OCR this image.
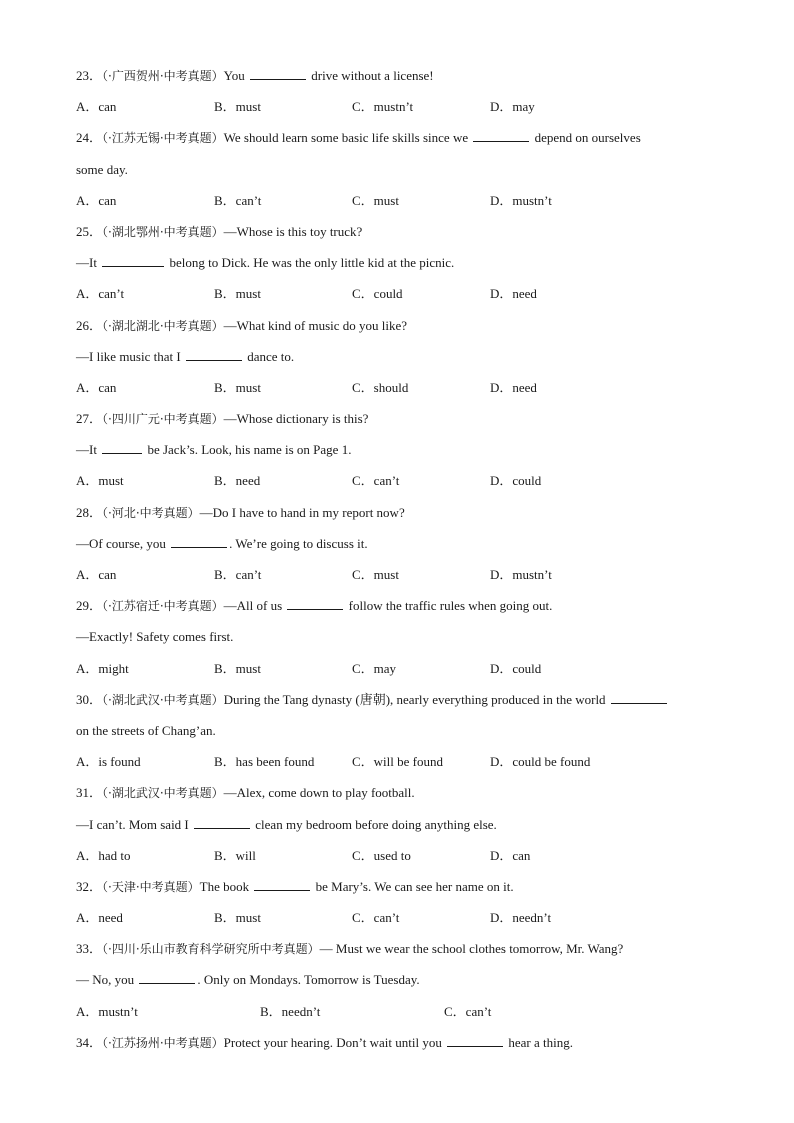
23．（·广西贺州·中考真题）You	drive without a license!
A．can	B．must	C．mustn’t	D．may
24．（·江苏无锡·中考真题）We should learn some basic life skills since we	depend on ourselves
some day.
A．can	B．can’t	C．must	D．mustn’t
25．（·湖北鄂州·中考真题）—Whose is this toy truck?
—It	belong to Dick. He was the only little kid at the picnic.
A．can’t	B．must	C．could	D．need
26．（·湖北湖北·中考真题）—What kind of music do you like?
—I like music that I	dance to.
A．can	B．must	C．should	D．need
27．（·四川广元·中考真题）—Whose dictionary is this?
—It	be Jack’s. Look, his name is on Page 1.
A．must	B．need	C．can’t	D．could
28．（·河北·中考真题）—Do I have to hand in my report now?
—Of course, you	. We’re going to discuss it.
A．can	B．can’t	C．must	D．mustn’t
29．（·江苏宿迁·中考真题）—All of us	follow the traffic rules when going out.
—Exactly! Safety comes first.
A．might	B．must	C．may	D．could
30．（·湖北武汉·中考真题）During the Tang dynasty (唐朝), nearly everything produced in the world
on the streets of Chang’an.
A．is found	B．has been found	C．will be found	D．could be found
31．（·湖北武汉·中考真题）—Alex, come down to play football.
—I can’t. Mom said I	clean my bedroom before doing anything else.
A．had to	B．will	C．used to	D．can
32．（·天津·中考真题）The book	be Mary’s. We can see her name on it.
A．need	B．must	C．can’t	D．needn’t
33．（·四川·乐山市教育科学研究所中考真题）— Must we wear the school clothes tomorrow, Mr. Wang?
— No, you	. Only on Mondays. Tomorrow is Tuesday.
A．mustn’t	B．needn’t	C．can’t
34．（·江苏扬州·中考真题）Protect your hearing. Don’t wait until you	hear a thing.
